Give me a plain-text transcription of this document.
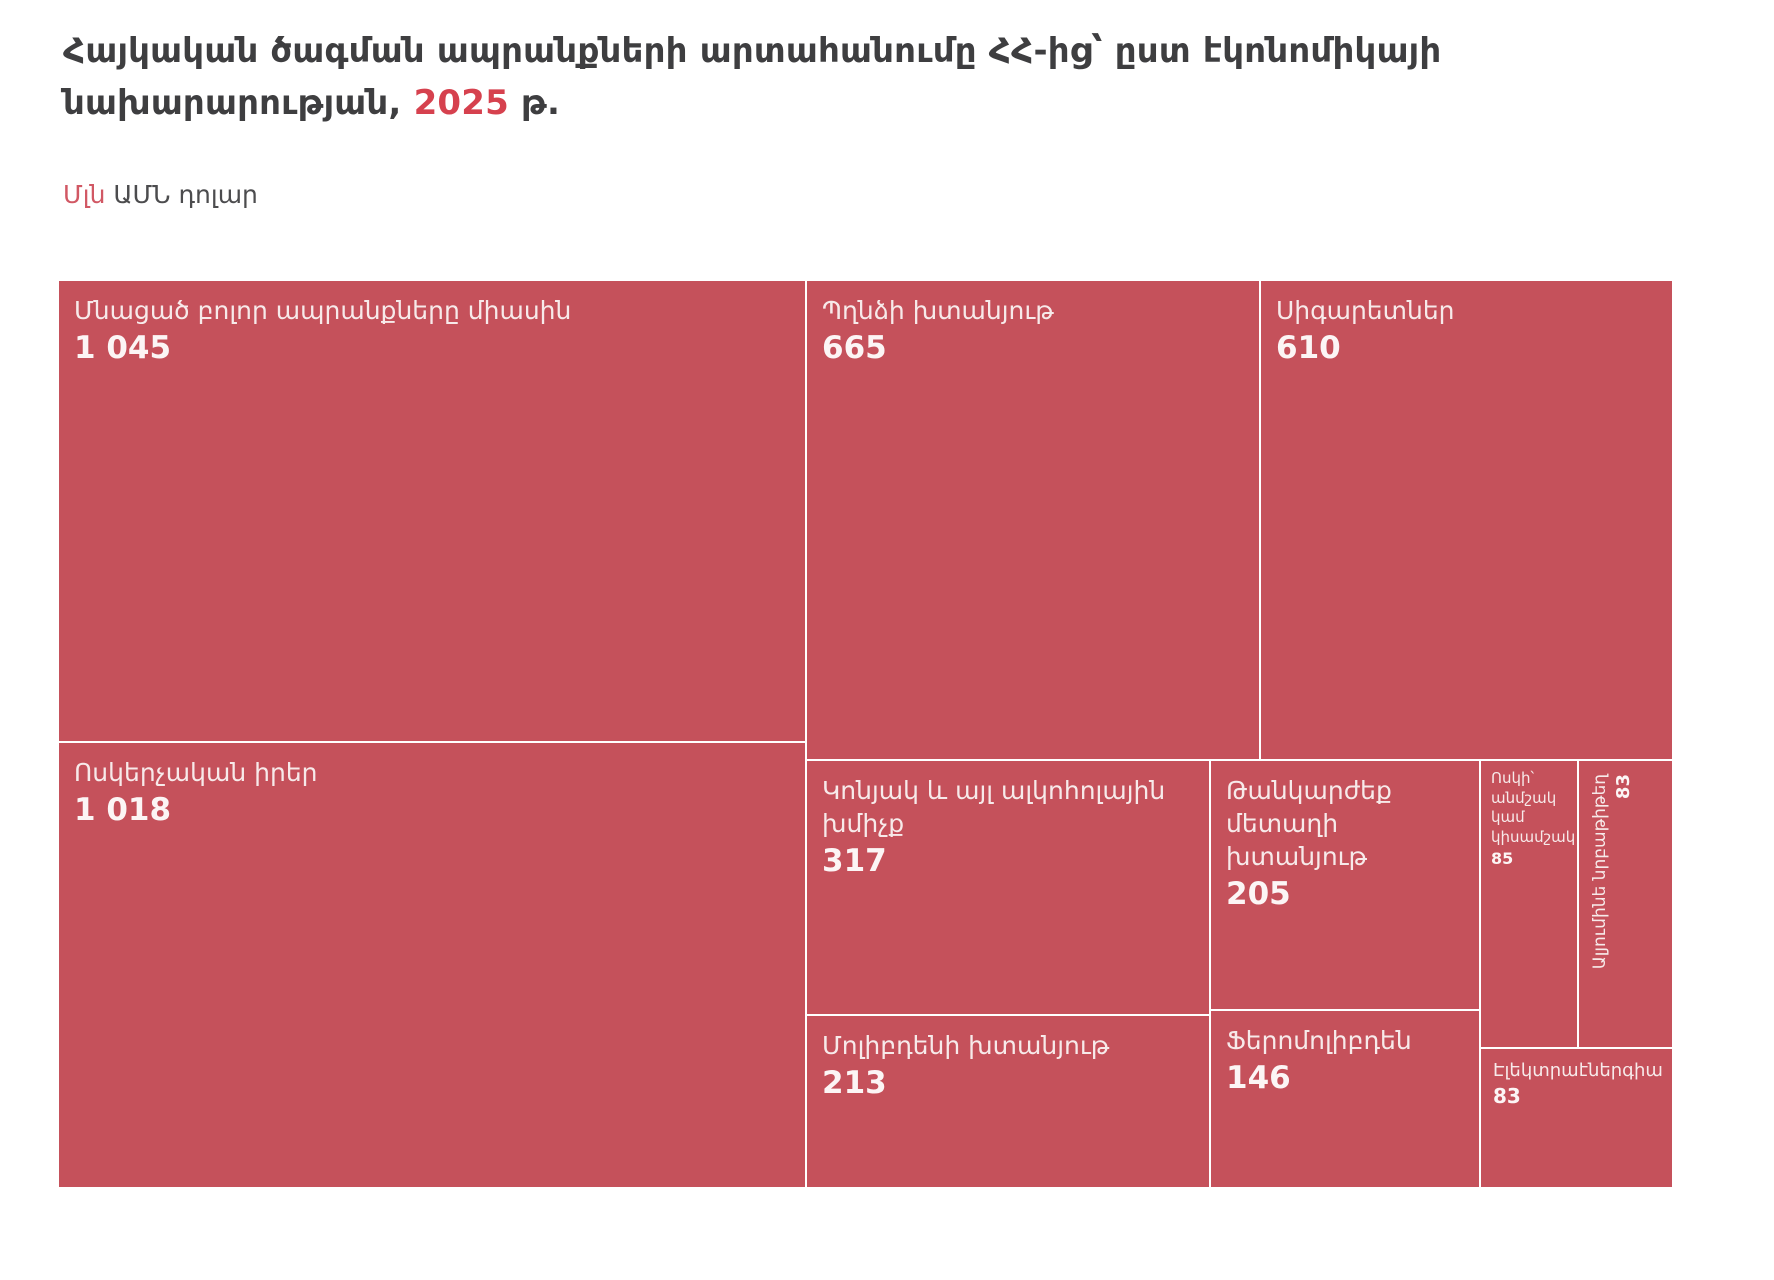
Հայկական ծագման ապրանքների արտահանումը ՀՀ-ից՝ ըստ էկոնոմիկայի նախարարության, 2025 թ.
Մլն ԱՄՆ դոլար
Մնացած բոլոր ապրանքները միասին
1 045
Ոսկերչական իրեր
1 018
Պղնձի խտանյութ
665
Սիգարետներ
610
Կոնյակ և այլ ալկոհոլային խմիչք
317
Մոլիբդենի խտանյութ
213
Թանկարժեք մետաղի խտանյութ
205
Ֆերոմոլիբդեն
146
Ոսկի՝ անմշակ կամ կիսամշակ
85	Ալյումինե նրբաթիթեղ 83
Էլեկտրաէներգիա
83
